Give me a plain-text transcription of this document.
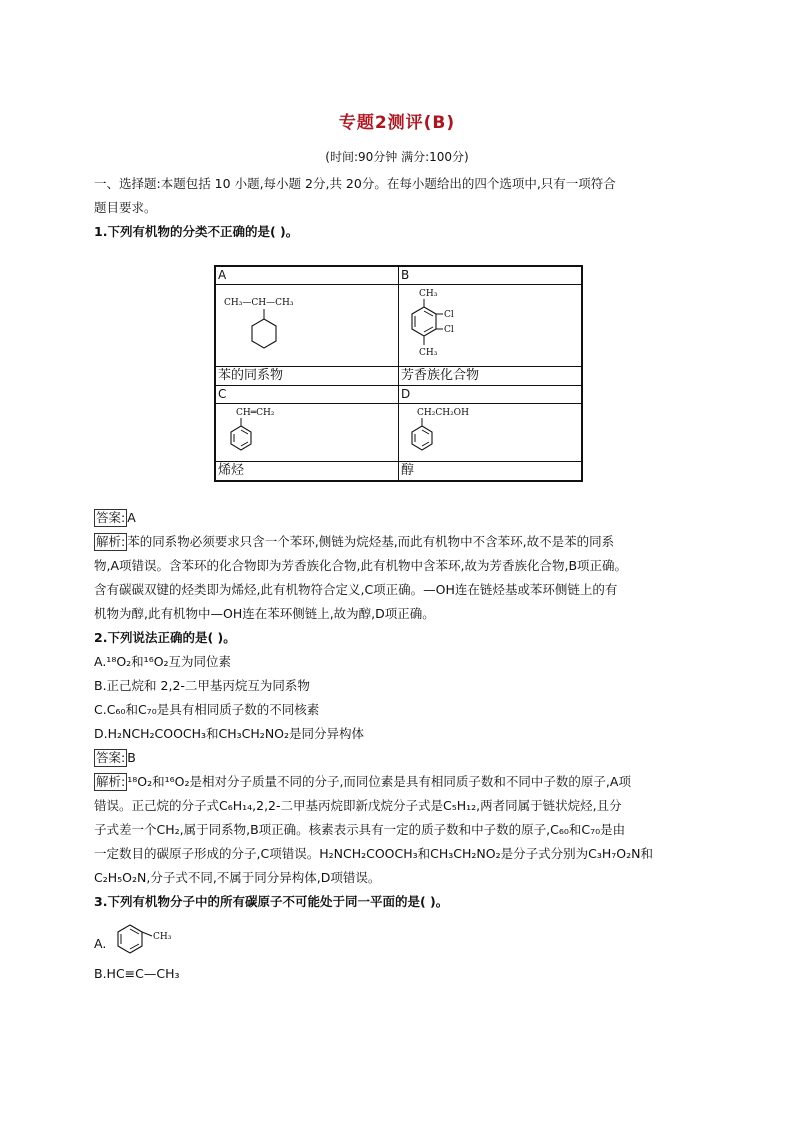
专题2测评(B)
(时间:90分钟 满分:100分)
一、选择题:本题包括 10 小题,每小题 2分,共 20分。在每小题给出的四个选项中,只有一项符合
题目要求。
1.下列有机物的分类不正确的是( )。
A	B

CH₃—CH—CH₃	CH₃
Cl
Cl
CH₃

苯的同系物	芳香族化合物
C	D

CH═CH₂	CH₂CH₂OH

烯烃	醇
答案: A
解析: 苯的同系物必须要求只含一个苯环,侧链为烷烃基,而此有机物中不含苯环,故不是苯的同系
物,A项错误。含苯环的化合物即为芳香族化合物,此有机物中含苯环,故为芳香族化合物,B项正确。
含有碳碳双键的烃类即为烯烃,此有机物符合定义,C项正确。—OH连在链烃基或苯环侧链上的有
机物为醇,此有机物中—OH连在苯环侧链上,故为醇,D项正确。
2.下列说法正确的是( )。
A.¹⁸O₂和¹⁶O₂互为同位素
B.正己烷和 2,2-二甲基丙烷互为同系物
C.C₆₀和C₇₀是具有相同质子数的不同核素
D.H₂NCH₂COOCH₃和CH₃CH₂NO₂是同分异构体
答案: B
解析: ¹⁸O₂和¹⁶O₂是相对分子质量不同的分子,而同位素是具有相同质子数和不同中子数的原子,A项
错误。正己烷的分子式C₆H₁₄,2,2-二甲基丙烷即新戊烷分子式是C₅H₁₂,两者同属于链状烷烃,且分
子式差一个CH₂,属于同系物,B项正确。核素表示具有一定的质子数和中子数的原子,C₆₀和C₇₀是由
一定数目的碳原子形成的分子,C项错误。H₂NCH₂COOCH₃和CH₃CH₂NO₂是分子式分别为C₃H₇O₂N和
C₂H₅O₂N,分子式不同,不属于同分异构体,D项错误。
3.下列有机物分子中的所有碳原子不可能处于同一平面的是( )。
A.	CH₃
B.HC≡C—CH₃
